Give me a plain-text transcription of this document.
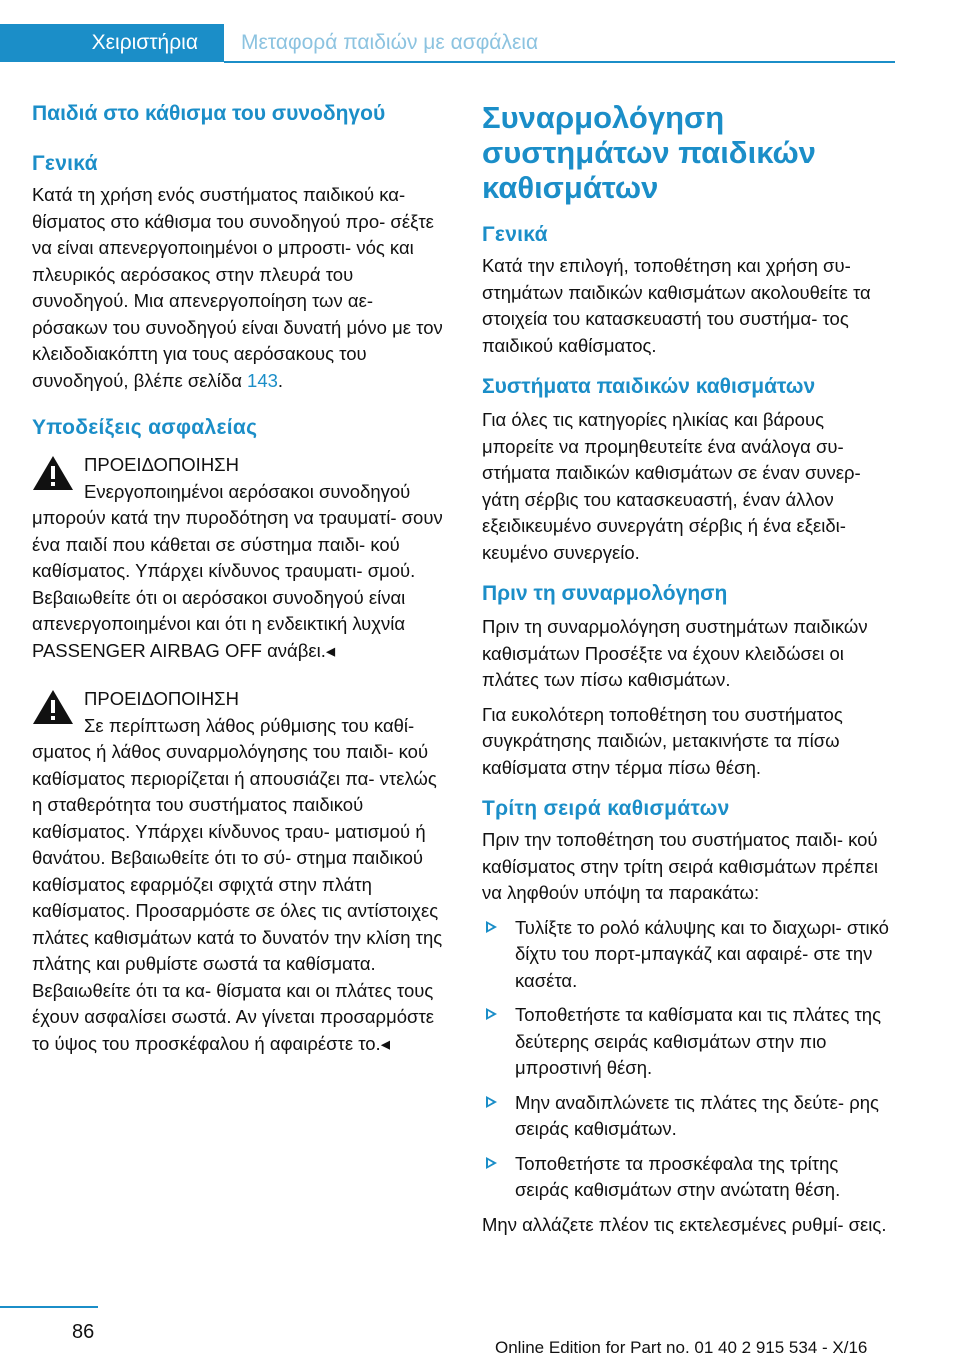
Χειριστήρια	Μεταφορά παιδιών με ασφάλεια
Παιδιά στο κάθισμα του συνοδηγού
Γενικά

Κατά τη χρήση ενός συστήματος παιδικού κα‐ θίσματος στο κάθισμα του συνοδηγού προ‐ σέξτε να είναι απενεργοποιημένοι ο μπροστι‐ νός και πλευρικός αερόσακος στην πλευρά του συνοδηγού. Μια απενεργοποίηση των αε‐ ρόσακων του συνοδηγού είναι δυνατή μόνο με τον κλειδοδιακόπτη για τους αερόσακους του συνοδηγού, βλέπε σελίδα 143.

Υποδείξεις ασφαλείας
ΠΡΟΕΙΔΟΠΟΙΗΣΗ
Ενεργοποιημένοι αερόσακοι συνοδηγού

μπορούν κατά την πυροδότηση να τραυματί‐ σουν ένα παιδί που κάθεται σε σύστημα παιδι‐ κού καθίσματος. Υπάρχει κίνδυνος τραυματι‐ σμού. Βεβαιωθείτε ότι οι αερόσακοι συνοδηγού είναι απενεργοποιημένοι και ότι η ενδεικτική λυχνία PASSENGER AIRBAG OFF ανάβει.◂

ΠΡΟΕΙΔΟΠΟΙΗΣΗ
Σε περίπτωση λάθος ρύθμισης του καθί‐

σματος ή λάθος συναρμολόγησης του παιδι‐ κού καθίσματος περιορίζεται ή απουσιάζει πα‐ ντελώς η σταθερότητα του συστήματος παιδικού καθίσματος. Υπάρχει κίνδυνος τραυ‐ ματισμού ή θανάτου. Βεβαιωθείτε ότι το σύ‐ στημα παιδικού καθίσματος εφαρμόζει σφιχτά στην πλάτη καθίσματος. Προσαρμόστε σε όλες τις αντίστοιχες πλάτες καθισμάτων κατά το δυνατόν την κλίση της πλάτης και ρυθμίστε σωστά τα καθίσματα. Βεβαιωθείτε ότι τα κα‐ θίσματα και οι πλάτες τους έχουν ασφαλίσει σωστά. Αν γίνεται προσαρμόστε το ύψος του προσκέφαλου ή αφαιρέστε το.◂

Συναρμολόγηση συστημάτων παιδικών καθισμάτων
Γενικά

Κατά την επιλογή, τοποθέτηση και χρήση συ‐ στημάτων παιδικών καθισμάτων ακολουθείτε τα στοιχεία του κατασκευαστή του συστήμα‐ τος παιδικού καθίσματος.

Συστήματα παιδικών καθισμάτων

Για όλες τις κατηγορίες ηλικίας και βάρους μπορείτε να προμηθευτείτε ένα ανάλογα συ‐ στήματα παιδικών καθισμάτων σε έναν συνερ‐ γάτη σέρβις του κατασκευαστή, έναν άλλον εξειδικευμένο συνεργάτη σέρβις ή ένα εξειδι‐ κευμένο συνεργείο.

Πριν τη συναρμολόγηση

Πριν τη συναρμολόγηση συστημάτων παιδικών καθισμάτων Προσέξτε να έχουν κλειδώσει οι πλάτες των πίσω καθισμάτων.

Για ευκολότερη τοποθέτηση του συστήματος συγκράτησης παιδιών, μετακινήστε τα πίσω καθίσματα στην τέρμα πίσω θέση.

Τρίτη σειρά καθισμάτων

Πριν την τοποθέτηση του συστήματος παιδι‐ κού καθίσματος στην τρίτη σειρά καθισμάτων πρέπει να ληφθούν υπόψη τα παρακάτω:

Τυλίξτε το ρολό κάλυψης και το διαχωρι‐ στικό δίχτυ του πορτ-μπαγκάζ και αφαιρέ‐ στε την κασέτα.
Τοποθετήστε τα καθίσματα και τις πλάτες της δεύτερης σειράς καθισμάτων στην πιο μπροστινή θέση.
Μην αναδιπλώνετε τις πλάτες της δεύτε‐ ρης σειράς καθισμάτων.
Τοποθετήστε τα προσκέφαλα της τρίτης σειράς καθισμάτων στην ανώτατη θέση.

Μην αλλάζετε πλέον τις εκτελεσμένες ρυθμί‐ σεις.

86
Online Edition for Part no. 01 40 2 915 534 - X/16
